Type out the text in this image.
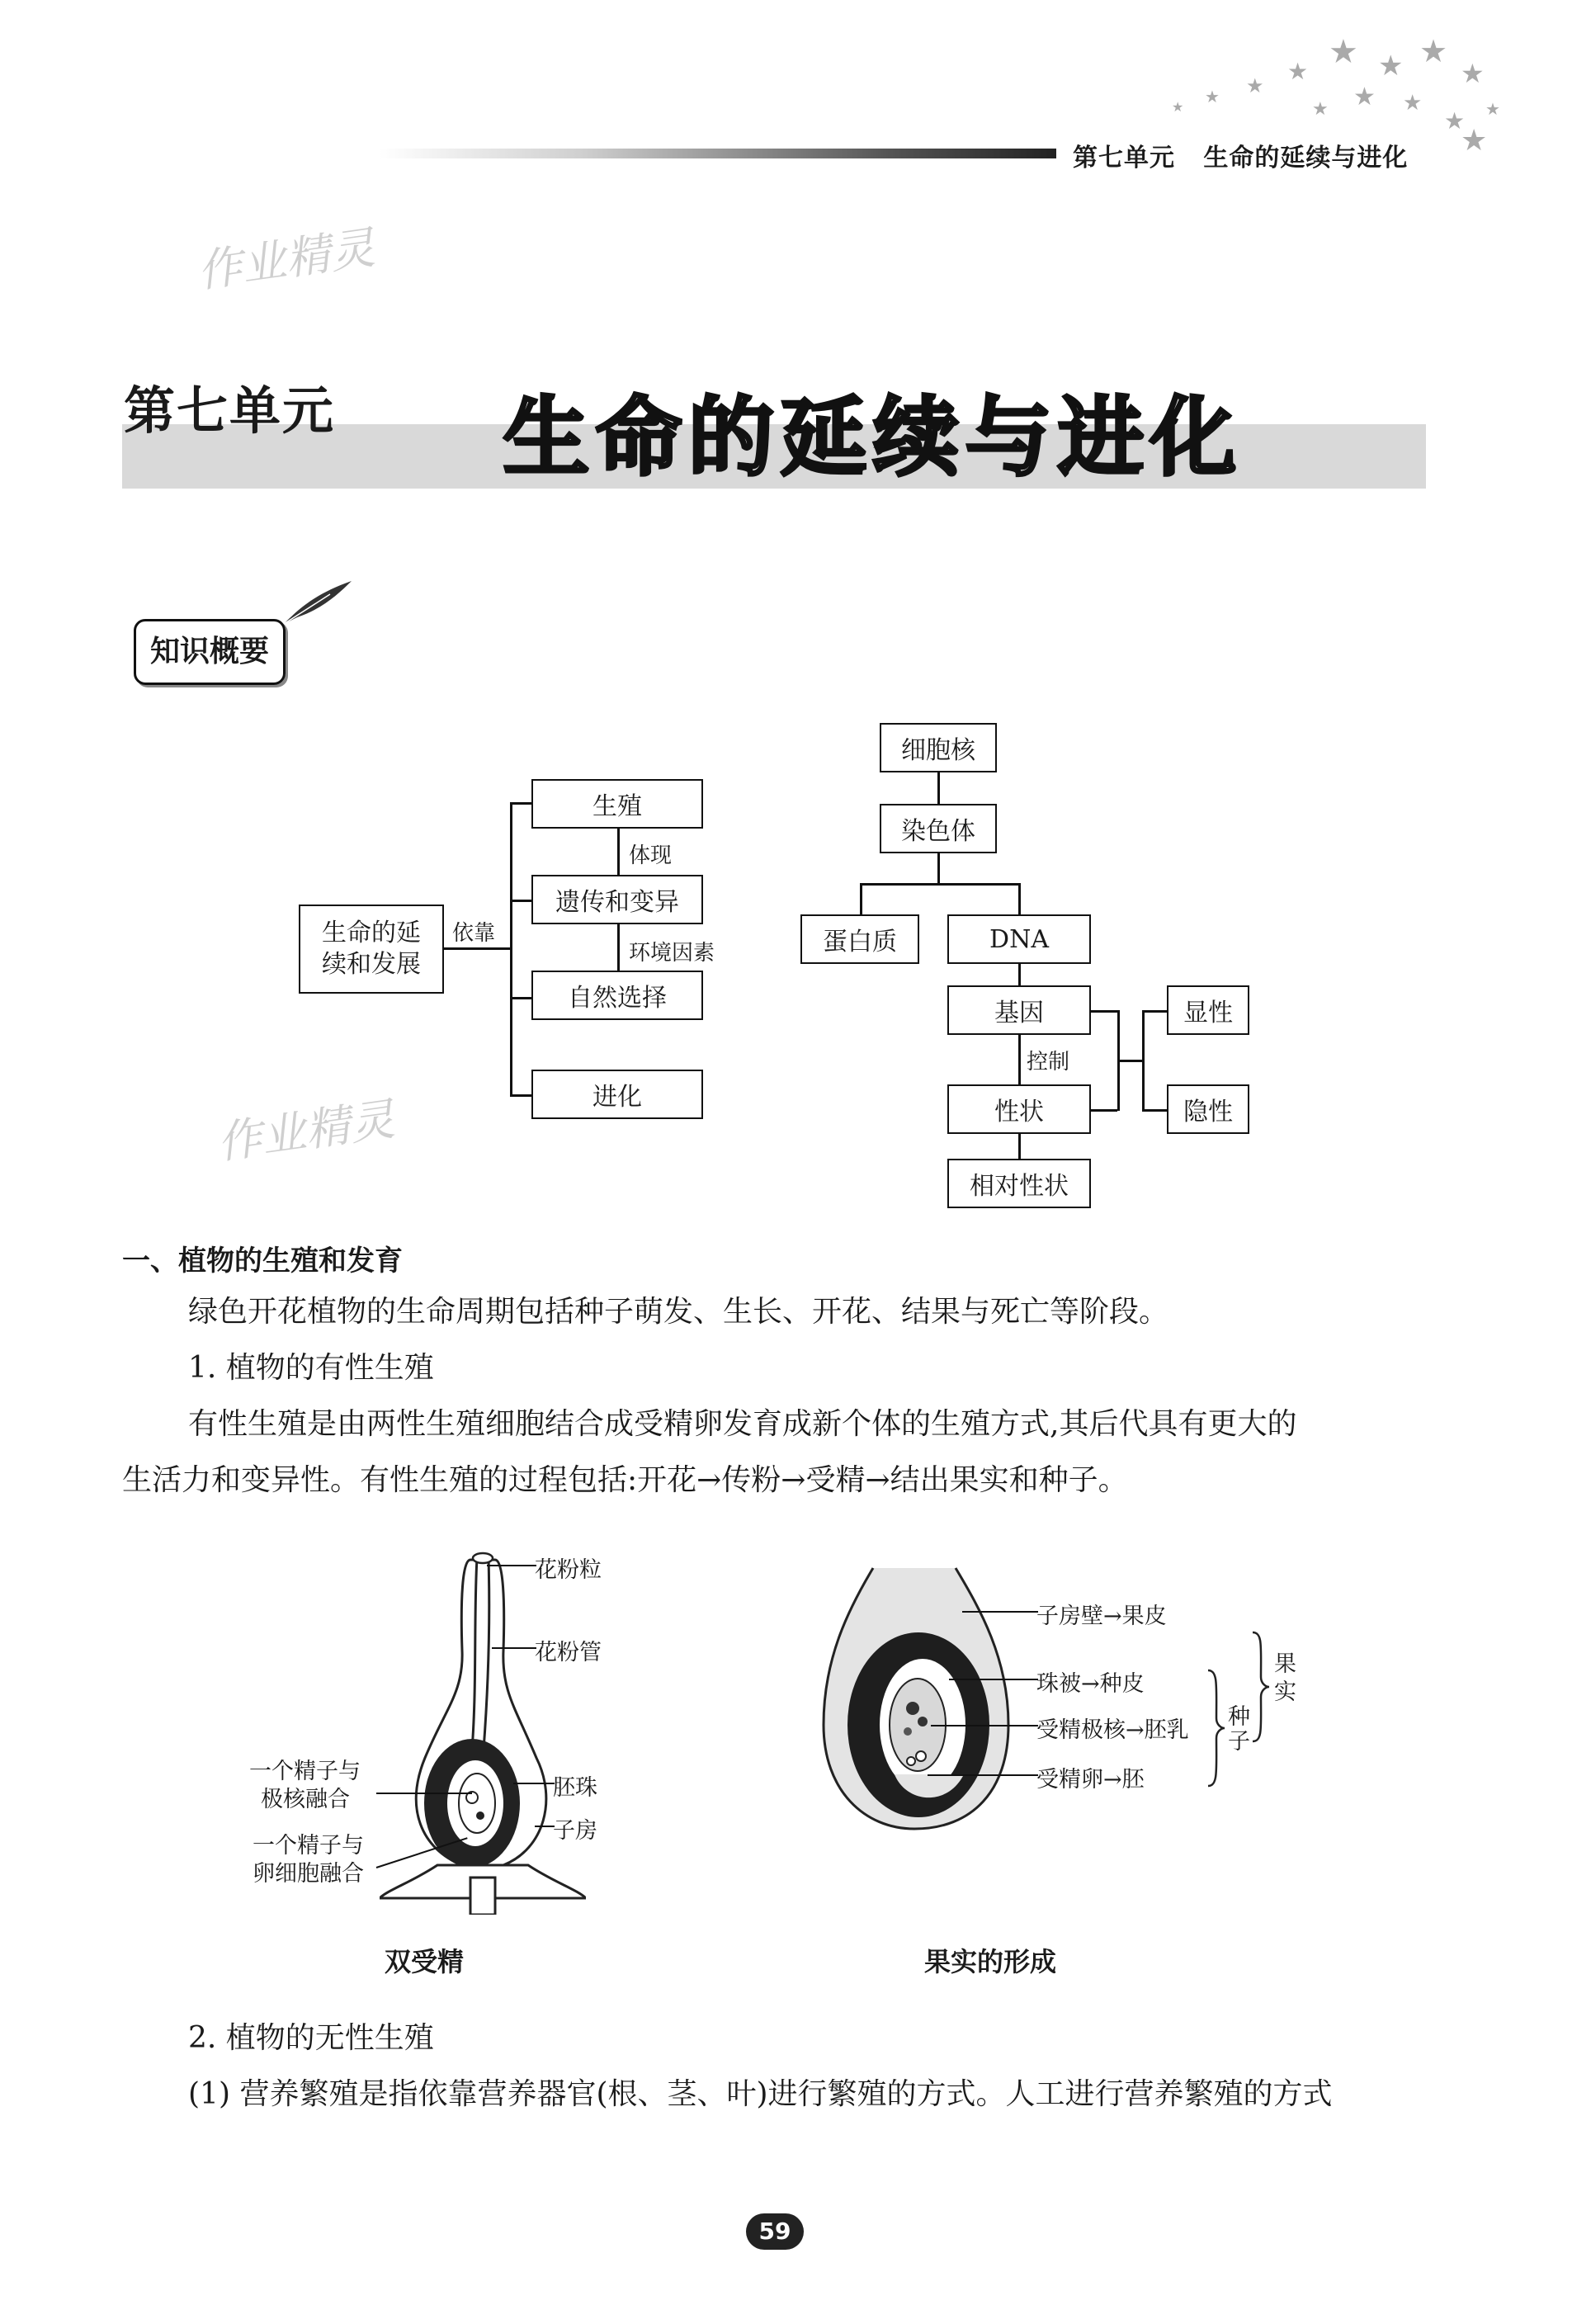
★ ★ ★
★
★
★
★
★	★ ★
★
★
★
★
第七单元 生命的延续与进化
作业精灵
作业精灵
第七单元 生命的延续与进化
知识概要
生命的延
续和发展
依靠
生殖
体现
遗传和变异
环境因素
自然选择
进化
细胞核
染色体
蛋白质	DNA
基因
控制
性状
相对性状
显性
隐性
一、植物的生殖和发育
绿色开花植物的生命周期包括种子萌发、生长、开花、结果与死亡等阶段。
1. 植物的有性生殖
有性生殖是由两性生殖细胞结合成受精卵发育成新个体的生殖方式,其后代具有更大的
生活力和变异性。有性生殖的过程包括:开花→传粉→受精→结出果实和种子。
花粉粒
花粉管
胚珠
子房
一个精子与
极核融合
一个精子与
卵细胞融合
双受精
子房壁→果皮
珠被→种皮
受精极核→胚乳
受精卵→胚
种子
果实
果实的形成
2. 植物的无性生殖
(1) 营养繁殖是指依靠营养器官(根、茎、叶)进行繁殖的方式。人工进行营养繁殖的方式
59
